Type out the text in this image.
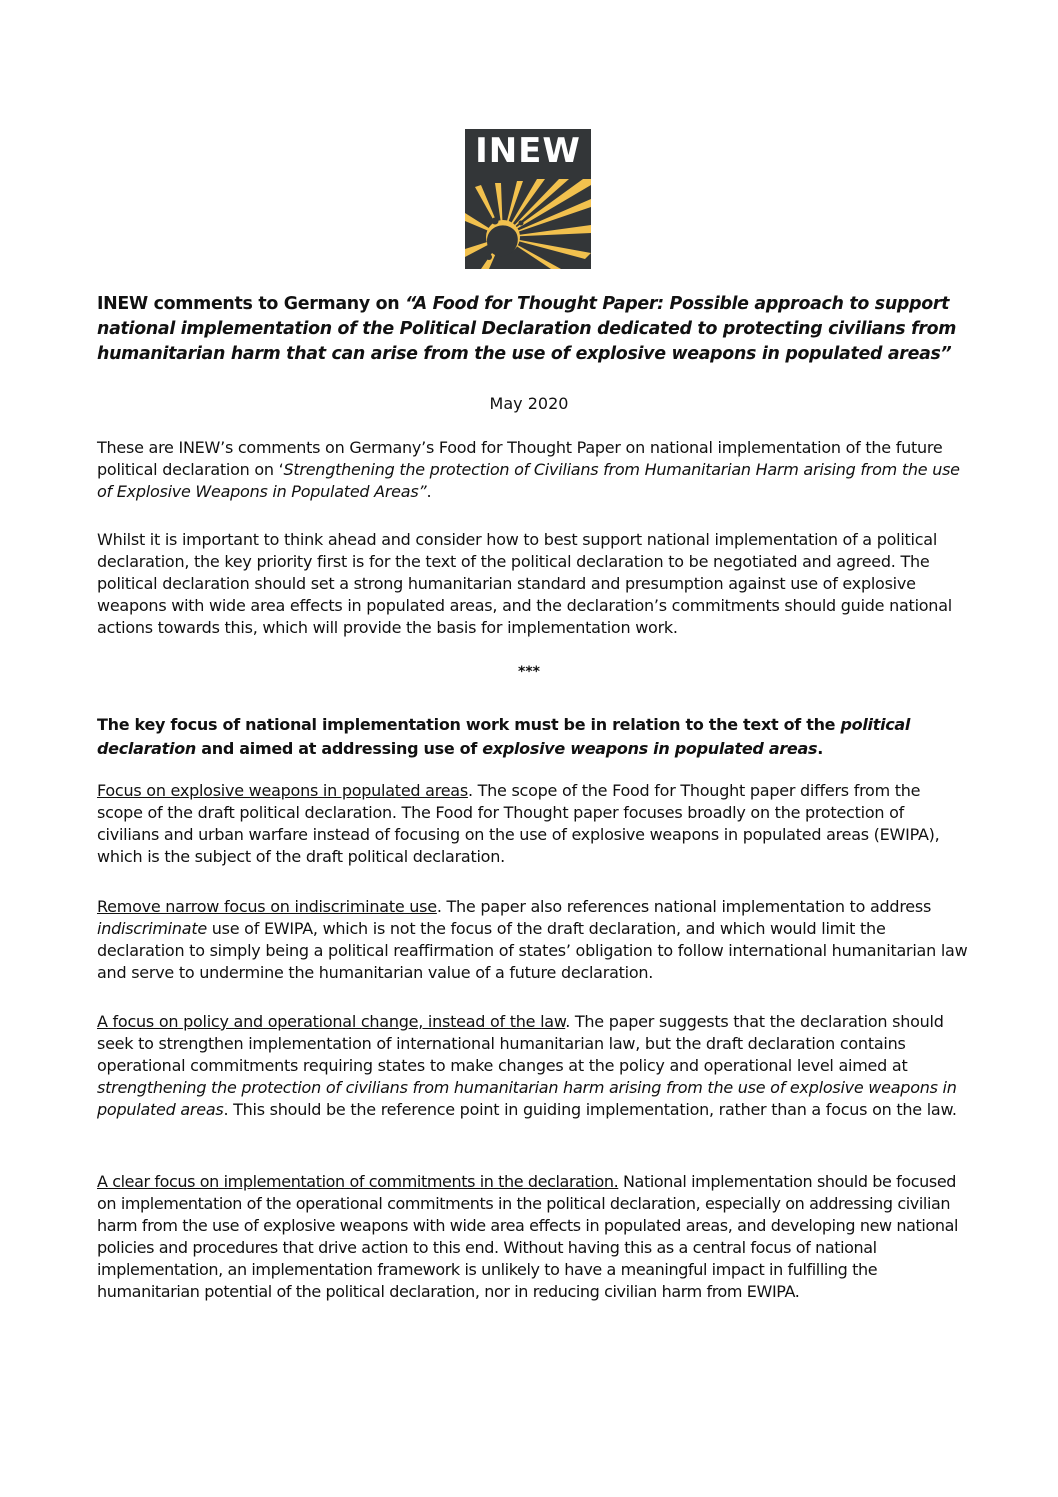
INEW
INEW comments to Germany on “A Food for Thought Paper: Possible approach to support national implementation of the Political Declaration dedicated to protecting civilians from humanitarian harm that can arise from the use of explosive weapons in populated areas”

May 2020

These are INEW’s comments on Germany’s Food for Thought Paper on national implementation of the future political declaration on ‘Strengthening the protection of Civilians from Humanitarian Harm arising from the use of Explosive Weapons in Populated Areas”.

Whilst it is important to think ahead and consider how to best support national implementation of a political declaration, the key priority first is for the text of the political declaration to be negotiated and agreed. The political declaration should set a strong humanitarian standard and presumption against use of explosive weapons with wide area effects in populated areas, and the declaration’s commitments should guide national actions towards this, which will provide the basis for implementation work.

***

The key focus of national implementation work must be in relation to the text of the political declaration and aimed at addressing use of explosive weapons in populated areas.

Focus on explosive weapons in populated areas. The scope of the Food for Thought paper differs from the scope of the draft political declaration. The Food for Thought paper focuses broadly on the protection of civilians and urban warfare instead of focusing on the use of explosive weapons in populated areas (EWIPA), which is the subject of the draft political declaration.

Remove narrow focus on indiscriminate use. The paper also references national implementation to address indiscriminate use of EWIPA, which is not the focus of the draft declaration, and which would limit the declaration to simply being a political reaffirmation of states’ obligation to follow international humanitarian law and serve to undermine the humanitarian value of a future declaration.

A focus on policy and operational change, instead of the law. The paper suggests that the declaration should seek to strengthen implementation of international humanitarian law, but the draft declaration contains operational commitments requiring states to make changes at the policy and operational level aimed at strengthening the protection of civilians from humanitarian harm arising from the use of explosive weapons in populated areas. This should be the reference point in guiding implementation, rather than a focus on the law.

A clear focus on implementation of commitments in the declaration. National implementation should be focused on implementation of the operational commitments in the political declaration, especially on addressing civilian harm from the use of explosive weapons with wide area effects in populated areas, and developing new national policies and procedures that drive action to this end. Without having this as a central focus of national implementation, an implementation framework is unlikely to have a meaningful impact in fulfilling the humanitarian potential of the political declaration, nor in reducing civilian harm from EWIPA.
